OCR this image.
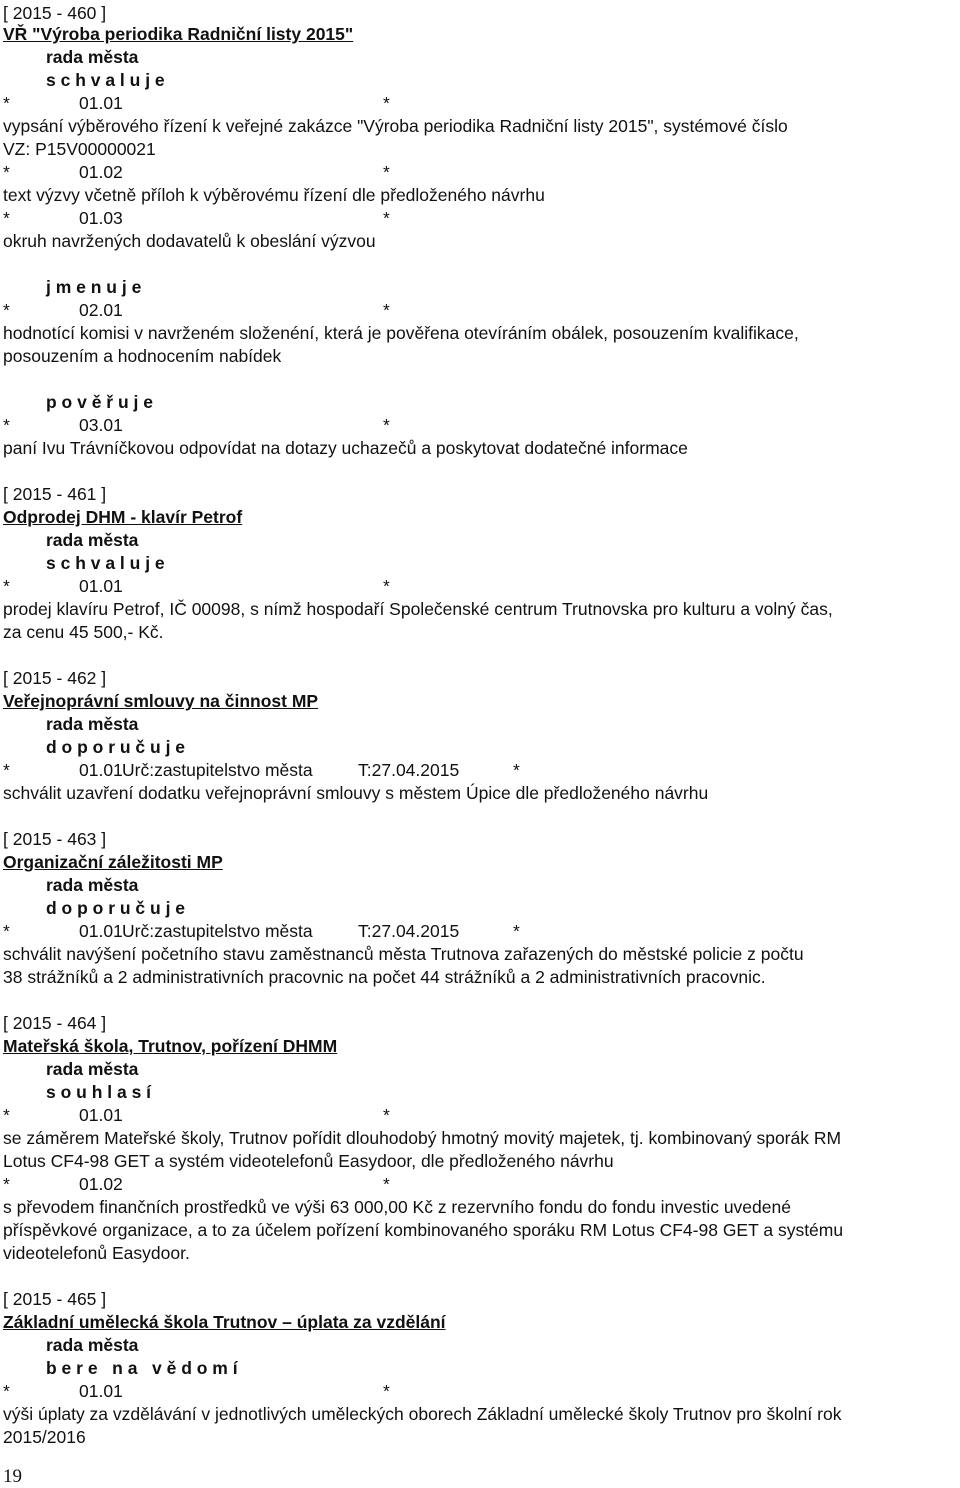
[ 2015 - 460 ]
VŘ "Výroba periodika Radniční listy 2015"
rada města
s c h v a l u j e
*	01.01	*
vypsání výběrového řízení k veřejné zakázce "Výroba periodika Radniční listy 2015", systémové číslo
VZ: P15V00000021
*	01.02	*
text výzvy včetně příloh k výběrovému řízení dle předloženého návrhu
*	01.03	*
okruh navržených dodavatelů k obeslání výzvou
j m e n u j e
*	02.01	*
hodnotící komisi v navrženém složenéní, která je pověřena otevíráním obálek, posouzením kvalifikace,
posouzením a hodnocením nabídek
p o v ě ř u j e
*	03.01	*
paní Ivu Trávníčkovou odpovídat na dotazy uchazečů a poskytovat dodatečné informace
[ 2015 - 461 ]
Odprodej DHM - klavír Petrof
rada města
s c h v a l u j e
*	01.01	*
prodej klavíru Petrof, IČ 00098, s nímž hospodaří Společenské centrum Trutnovska pro kulturu a volný čas,
za cenu 45 500,- Kč.
[ 2015 - 462 ]
Veřejnoprávní smlouvy na činnost MP
rada města
d o p o r u č u j e
*	01.01 Urč:zastupitelstvo města	T:27.04.2015	*
schválit uzavření dodatku veřejnoprávní smlouvy s městem Úpice dle předloženého návrhu
[ 2015 - 463 ]
Organizační záležitosti MP
rada města
d o p o r u č u j e
*	01.01 Urč:zastupitelstvo města	T:27.04.2015	*
schválit navýšení početního stavu zaměstnanců města Trutnova zařazených do městské policie z počtu
38 strážníků a 2 administrativních pracovnic na počet 44 strážníků a 2 administrativních pracovnic.
[ 2015 - 464 ]
Mateřská škola, Trutnov, pořízení DHMM
rada města
s o u h l a s í
*	01.01	*
se záměrem Mateřské školy, Trutnov pořídit dlouhodobý hmotný movitý majetek, tj. kombinovaný sporák RM
Lotus CF4-98 GET a systém videotelefonů Easydoor, dle předloženého návrhu
*	01.02	*
s převodem finančních prostředků ve výši 63 000,00 Kč z rezervního fondu do fondu investic uvedené
příspěvkové organizace, a to za účelem pořízení kombinovaného sporáku RM Lotus CF4-98 GET a systému
videotelefonů Easydoor.
[ 2015 - 465 ]
Základní umělecká škola Trutnov – úplata za vzdělání
rada města
b e r e   n a   v ě d o m í
*	01.01	*
výši úplaty za vzdělávání v jednotlivých uměleckých oborech Základní umělecké školy Trutnov pro školní rok
2015/2016
19
